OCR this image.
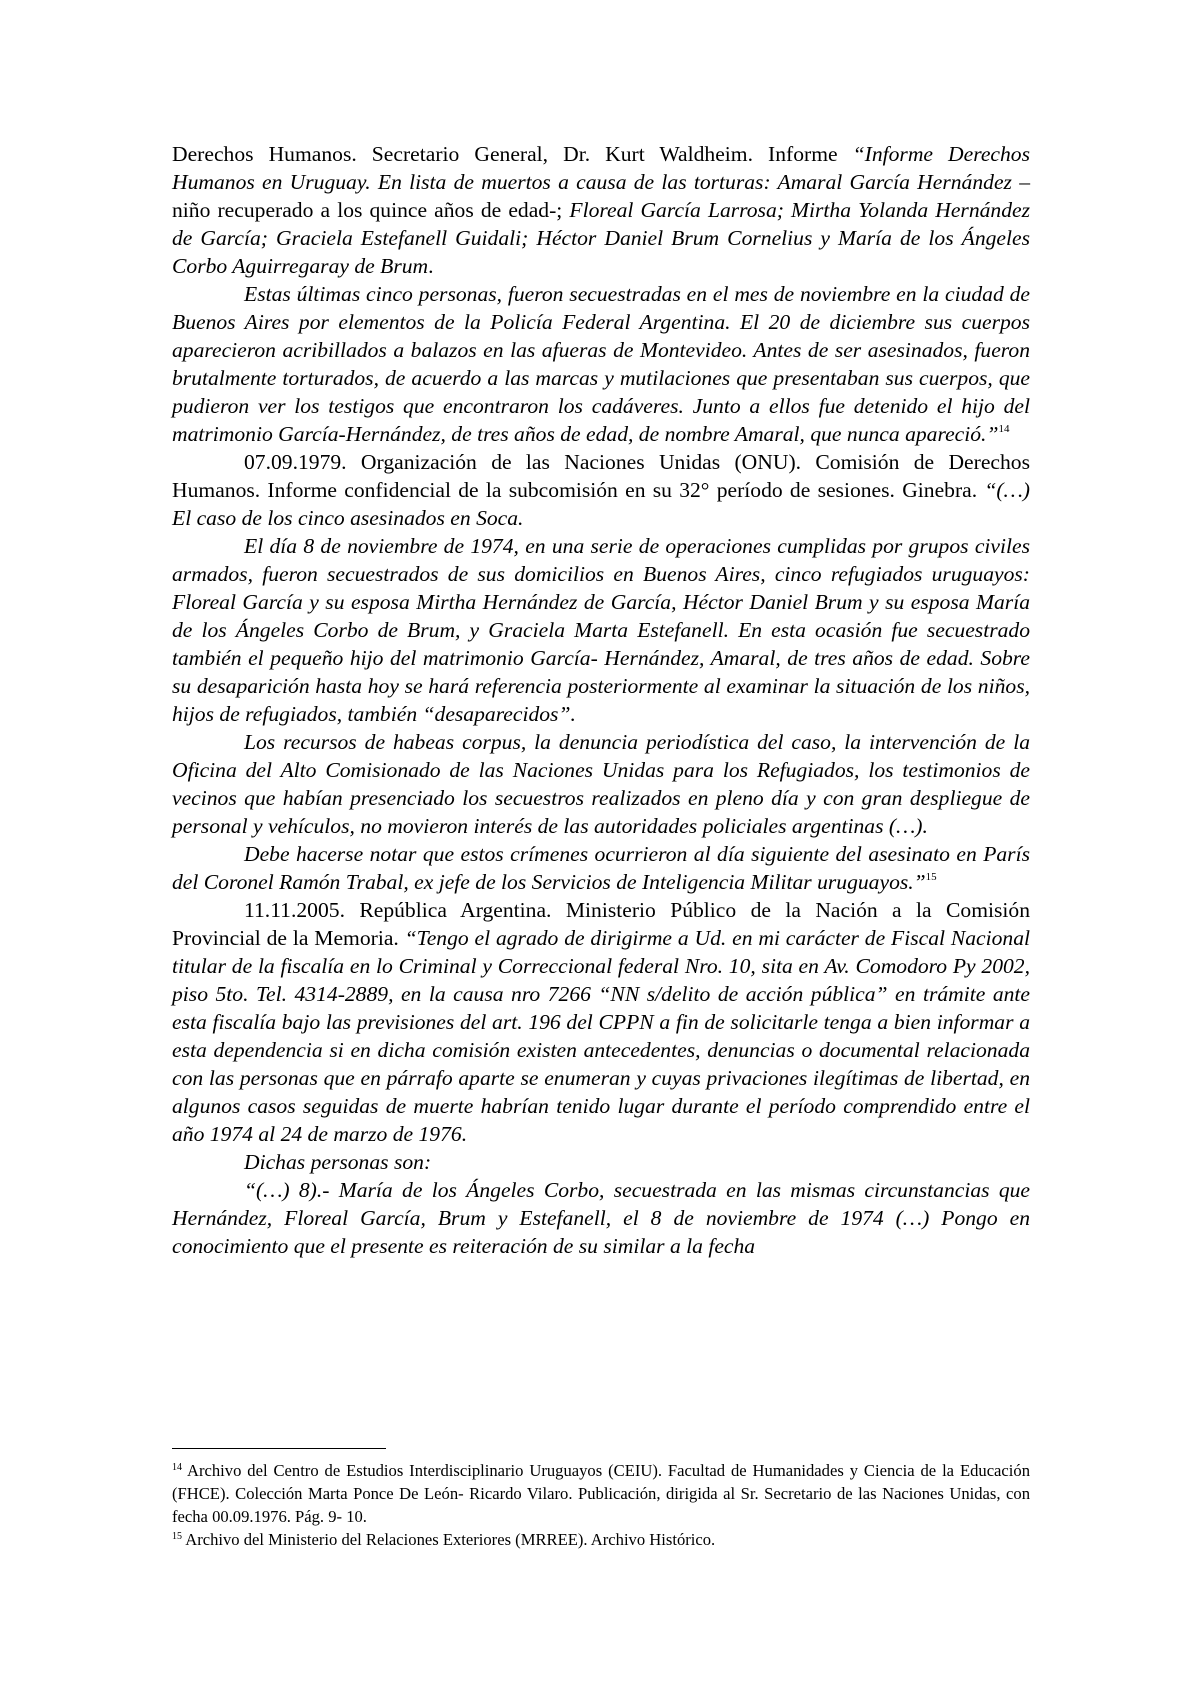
Derechos Humanos. Secretario General, Dr. Kurt Waldheim. Informe “Informe Derechos Humanos en Uruguay. En lista de muertos a causa de las torturas: Amaral García Hernández – niño recuperado a los quince años de edad-; Floreal García Larrosa; Mirtha Yolanda Hernández de García; Graciela Estefanell Guidali; Héctor Daniel Brum Cornelius y María de los Ángeles Corbo Aguirregaray de Brum.

Estas últimas cinco personas, fueron secuestradas en el mes de noviembre en la ciudad de Buenos Aires por elementos de la Policía Federal Argentina. El 20 de diciembre sus cuerpos aparecieron acribillados a balazos en las afueras de Montevideo. Antes de ser asesinados, fueron brutalmente torturados, de acuerdo a las marcas y mutilaciones que presentaban sus cuerpos, que pudieron ver los testigos que encontraron los cadáveres. Junto a ellos fue detenido el hijo del matrimonio García-Hernández, de tres años de edad, de nombre Amaral, que nunca apareció.”$^{14}$

07.09.1979. Organización de las Naciones Unidas (ONU). Comisión de Derechos Humanos. Informe confidencial de la subcomisión en su 32° período de sesiones. Ginebra. “(…) El caso de los cinco asesinados en Soca.

El día 8 de noviembre de 1974, en una serie de operaciones cumplidas por grupos civiles armados, fueron secuestrados de sus domicilios en Buenos Aires, cinco refugiados uruguayos: Floreal García y su esposa Mirtha Hernández de García, Héctor Daniel Brum y su esposa María de los Ángeles Corbo de Brum, y Graciela Marta Estefanell. En esta ocasión fue secuestrado también el pequeño hijo del matrimonio García- Hernández, Amaral, de tres años de edad. Sobre su desaparición hasta hoy se hará referencia posteriormente al examinar la situación de los niños, hijos de refugiados, también “desaparecidos”.

Los recursos de habeas corpus, la denuncia periodística del caso, la intervención de la Oficina del Alto Comisionado de las Naciones Unidas para los Refugiados, los testimonios de vecinos que habían presenciado los secuestros realizados en pleno día y con gran despliegue de personal y vehículos, no movieron interés de las autoridades policiales argentinas (…).

Debe hacerse notar que estos crímenes ocurrieron al día siguiente del asesinato en París del Coronel Ramón Trabal, ex jefe de los Servicios de Inteligencia Militar uruguayos.”$^{15}$

11.11.2005. República Argentina. Ministerio Público de la Nación a la Comisión Provincial de la Memoria. “Tengo el agrado de dirigirme a Ud. en mi carácter de Fiscal Nacional titular de la fiscalía en lo Criminal y Correccional federal Nro. 10, sita en Av. Comodoro Py 2002, piso 5to. Tel. 4314-2889, en la causa nro 7266 “NN s/delito de acción pública” en trámite ante esta fiscalía bajo las previsiones del art. 196 del CPPN a fin de solicitarle tenga a bien informar a esta dependencia si en dicha comisión existen antecedentes, denuncias o documental relacionada con las personas que en párrafo aparte se enumeran y cuyas privaciones ilegítimas de libertad, en algunos casos seguidas de muerte habrían tenido lugar durante el período comprendido entre el año 1974 al 24 de marzo de 1976.

Dichas personas son:

“(…) 8).- María de los Ángeles Corbo, secuestrada en las mismas circunstancias que Hernández, Floreal García, Brum y Estefanell, el 8 de noviembre de 1974 (…) Pongo en conocimiento que el presente es reiteración de su similar a la fecha

$^{14}$ Archivo del Centro de Estudios Interdisciplinario Uruguayos (CEIU). Facultad de Humanidades y Ciencia de la Educación (FHCE). Colección Marta Ponce De León- Ricardo Vilaro. Publicación, dirigida al Sr. Secretario de las Naciones Unidas, con fecha 00.09.1976. Pág. 9- 10.

$^{15}$ Archivo del Ministerio del Relaciones Exteriores (MRREE). Archivo Histórico.
